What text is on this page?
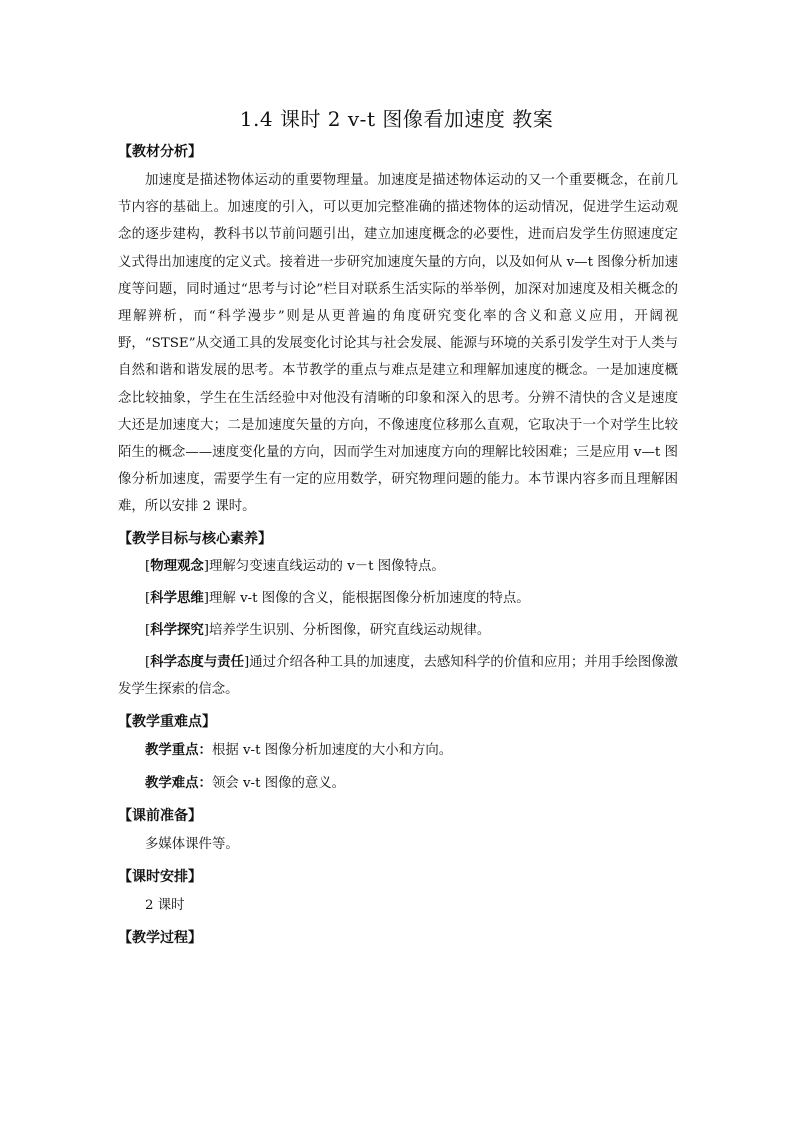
1.4 课时 2 v-t 图像看加速度 教案

【教材分析】

加速度是描述物体运动的重要物理量。加速度是描述物体运动的又一个重要概念，在前几节内容的基础上。加速度的引入，可以更加完整准确的描述物体的运动情况，促进学生运动观念的逐步建构，教科书以节前问题引出，建立加速度概念的必要性，进而启发学生仿照速度定义式得出加速度的定义式。接着进一步研究加速度矢量的方向，以及如何从 v—t 图像分析加速度等问题，同时通过“思考与讨论”栏目对联系生活实际的举举例，加深对加速度及相关概念的理解辨析，而“科学漫步”则是从更普遍的角度研究变化率的含义和意义应用，开阔视野，“STSE”从交通工具的发展变化讨论其与社会发展、能源与环境的关系引发学生对于人类与自然和谐和谐发展的思考。本节教学的重点与难点是建立和理解加速度的概念。一是加速度概念比较抽象，学生在生活经验中对他没有清晰的印象和深入的思考。分辨不清快的含义是速度大还是加速度大；二是加速度矢量的方向，不像速度位移那么直观，它取决于一个对学生比较陌生的概念——速度变化量的方向，因而学生对加速度方向的理解比较困难；三是应用 v—t 图像分析加速度，需要学生有一定的应用数学，研究物理问题的能力。本节课内容多而且理解困难，所以安排 2 课时。

【教学目标与核心素养】

[物理观念]理解匀变速直线运动的 v－t 图像特点。

[科学思维]理解 v-t 图像的含义，能根据图像分析加速度的特点。

[科学探究]培养学生识别、分析图像，研究直线运动规律。

[科学态度与责任]通过介绍各种工具的加速度，去感知科学的价值和应用；并用手绘图像激发学生探索的信念。

【教学重难点】

教学重点：根据 v-t 图像分析加速度的大小和方向。

教学难点：领会 v-t 图像的意义。

【课前准备】

多媒体课件等。

【课时安排】

2 课时

【教学过程】
